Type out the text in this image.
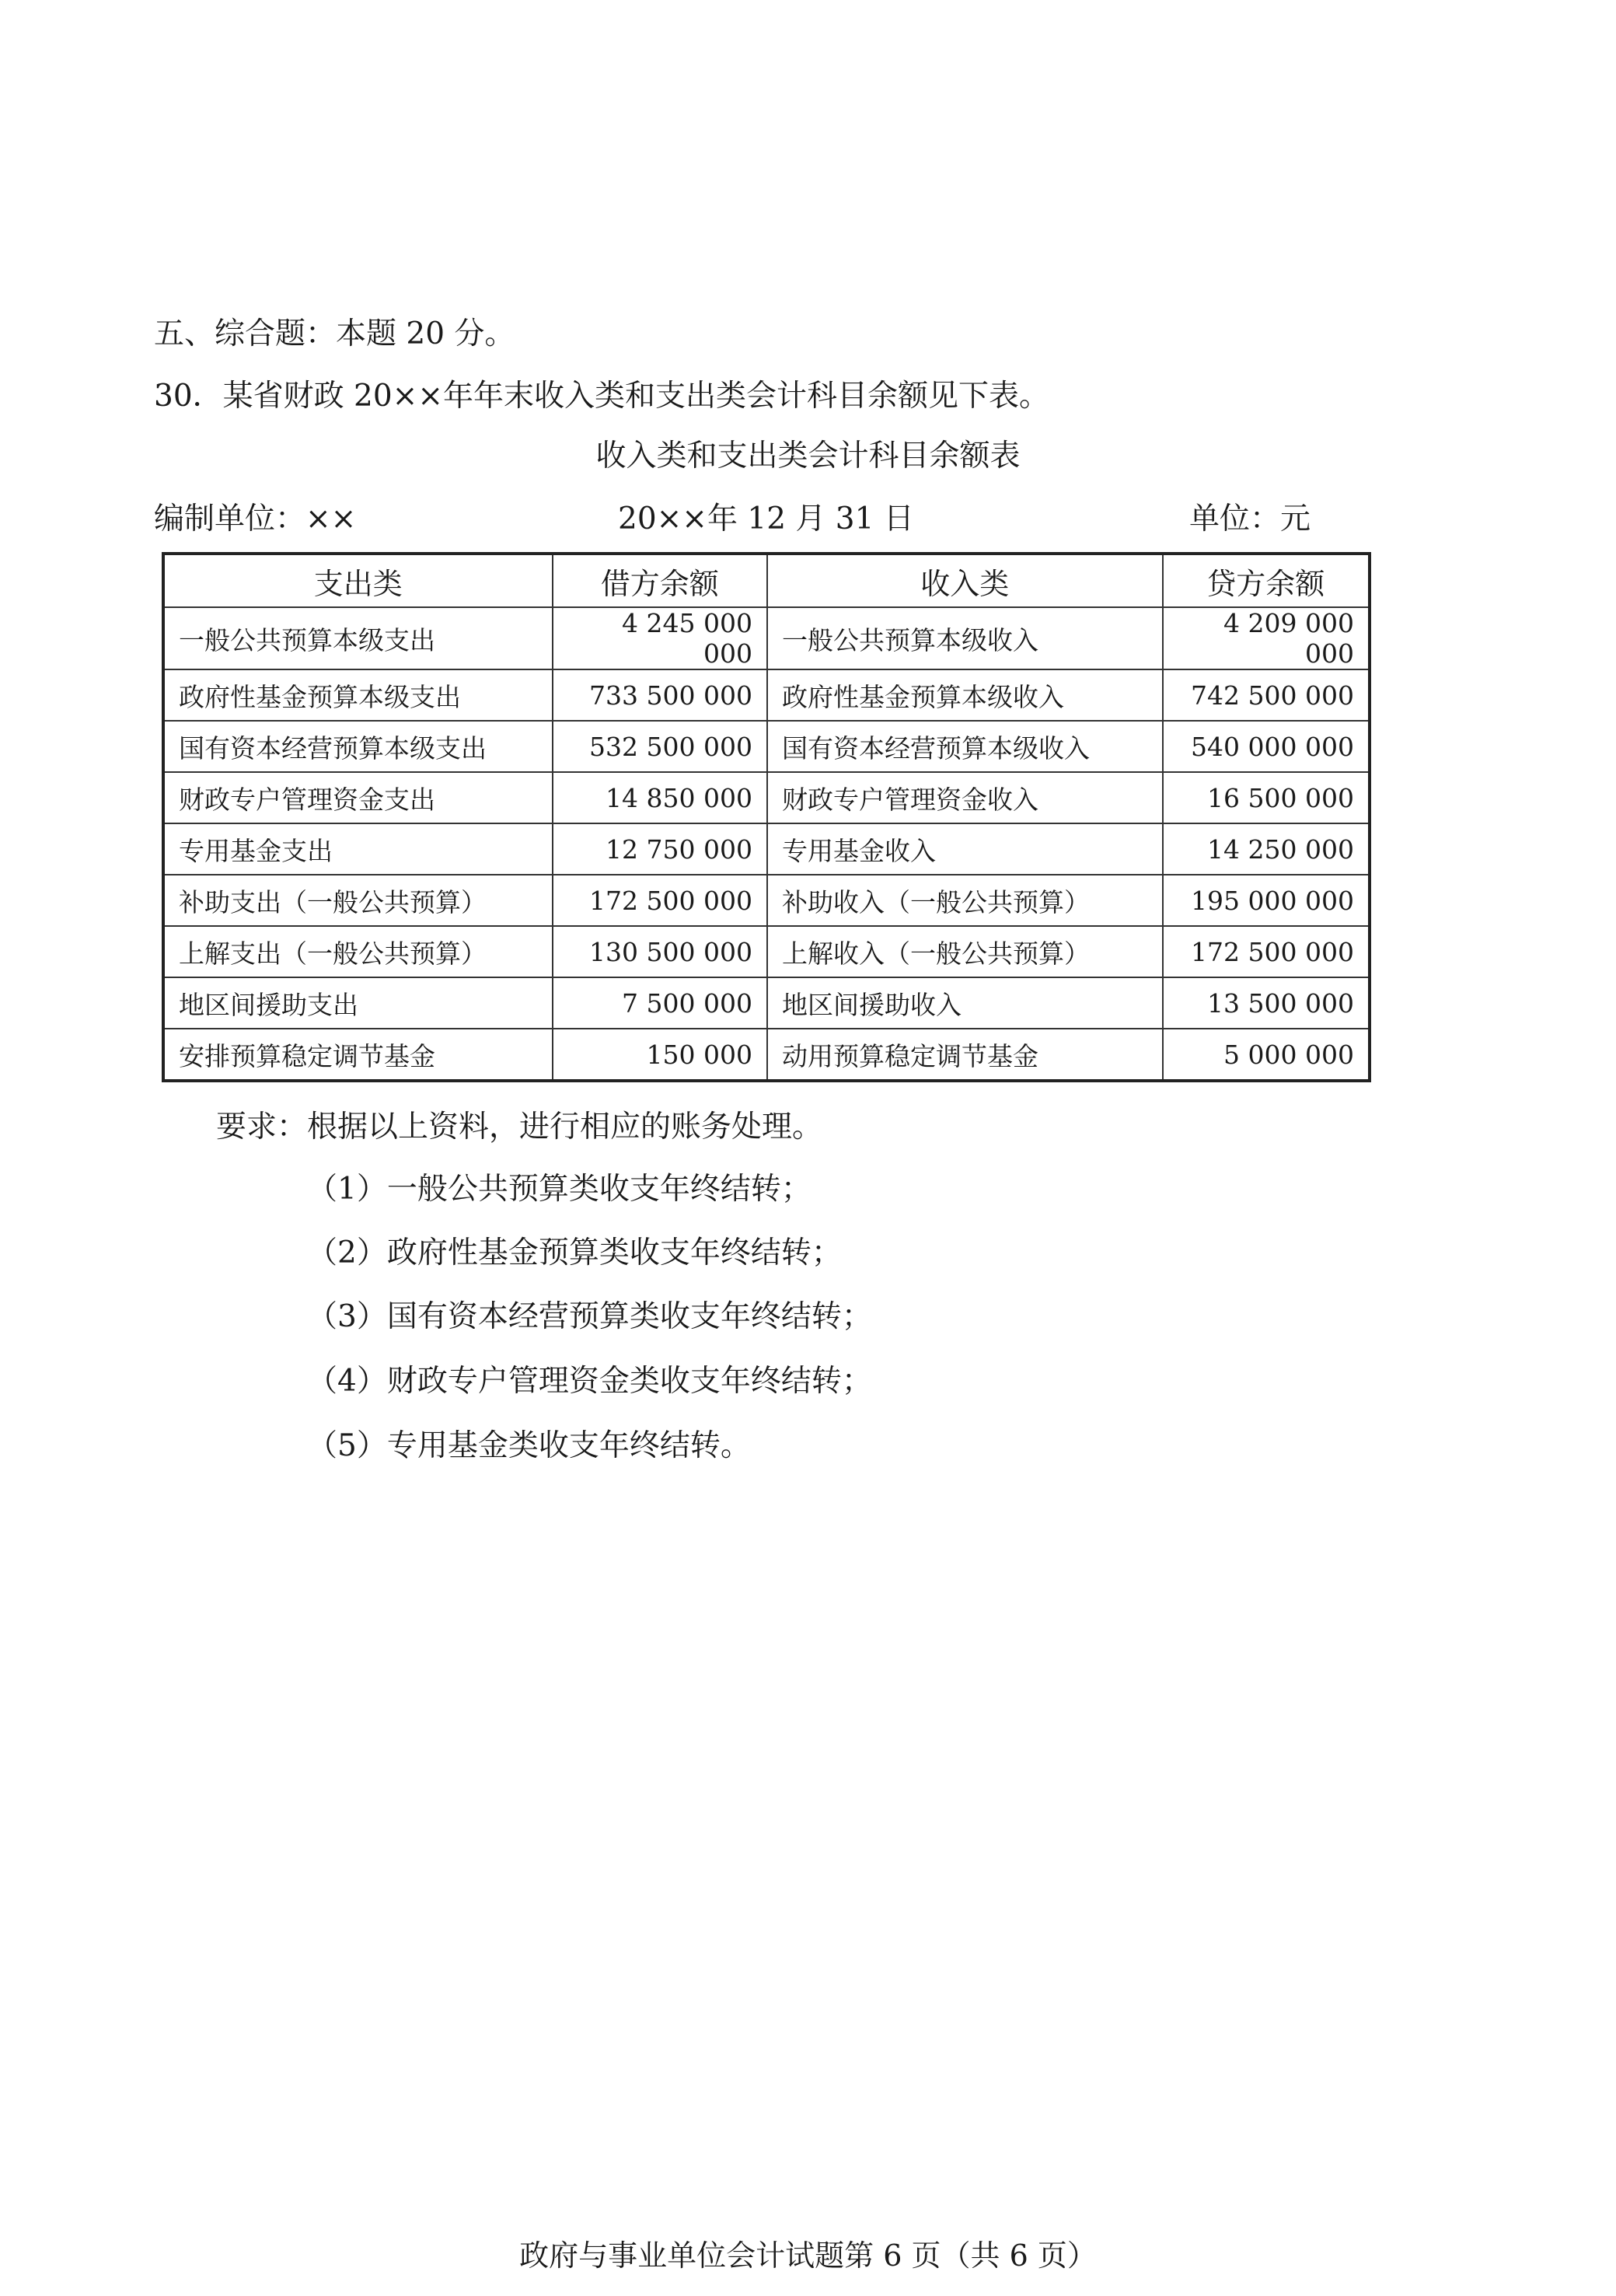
五、综合题：本题 20 分。
30．某省财政 20××年年末收入类和支出类会计科目余额见下表。
收入类和支出类会计科目余额表
编制单位：××	20××年 12 月 31 日	单位：元
支出类	借方余额	收入类	贷方余额
一般公共预算本级支出	4 245 000 000	一般公共预算本级收入	4 209 000 000
政府性基金预算本级支出	733 500 000	政府性基金预算本级收入	742 500 000
国有资本经营预算本级支出	532 500 000	国有资本经营预算本级收入	540 000 000
财政专户管理资金支出	14 850 000	财政专户管理资金收入	16 500 000
专用基金支出	12 750 000	专用基金收入	14 250 000
补助支出（一般公共预算）	172 500 000	补助收入（一般公共预算）	195 000 000
上解支出（一般公共预算）	130 500 000	上解收入（一般公共预算）	172 500 000
地区间援助支出	7 500 000	地区间援助收入	13 500 000
安排预算稳定调节基金	150 000	动用预算稳定调节基金	5 000 000
要求：根据以上资料，进行相应的账务处理。
（1）一般公共预算类收支年终结转；
（2）政府性基金预算类收支年终结转；
（3）国有资本经营预算类收支年终结转；
（4）财政专户管理资金类收支年终结转；
（5）专用基金类收支年终结转。
政府与事业单位会计试题第 6 页（共 6 页）
